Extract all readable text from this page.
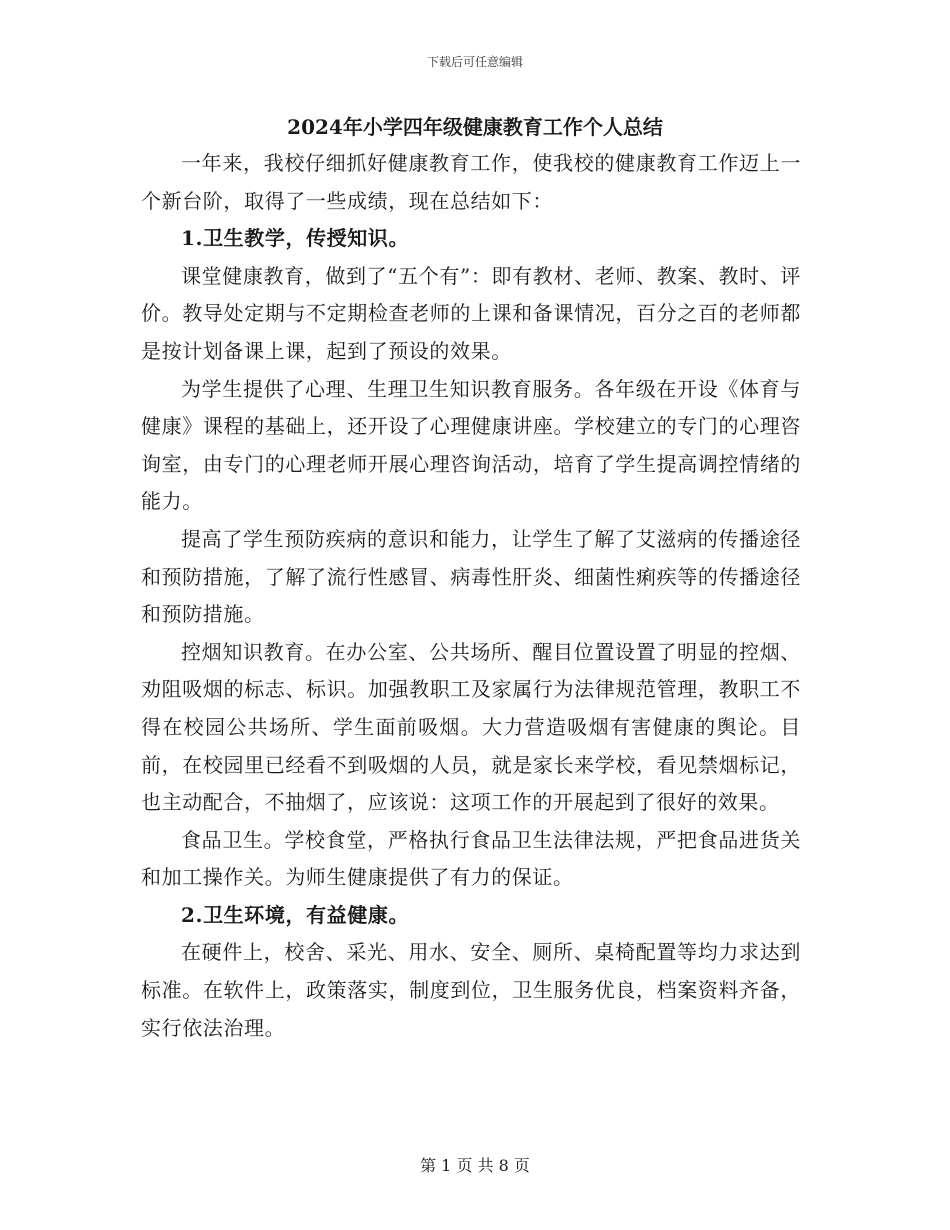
下载后可任意编辑
2024年小学四年级健康教育工作个人总结

一年来，我校仔细抓好健康教育工作，使我校的健康教育工作迈上一个新台阶，取得了一些成绩，现在总结如下：

1.卫生教学，传授知识。

课堂健康教育，做到了“五个有”：即有教材、老师、教案、教时、评价。教导处定期与不定期检查老师的上课和备课情况，百分之百的老师都是按计划备课上课，起到了预设的效果。

为学生提供了心理、生理卫生知识教育服务。各年级在开设《体育与健康》课程的基础上，还开设了心理健康讲座。学校建立的专门的心理咨询室，由专门的心理老师开展心理咨询活动，培育了学生提高调控情绪的能力。

提高了学生预防疾病的意识和能力，让学生了解了艾滋病的传播途径和预防措施，了解了流行性感冒、病毒性肝炎、细菌性痢疾等的传播途径和预防措施。

控烟知识教育。在办公室、公共场所、醒目位置设置了明显的控烟、劝阻吸烟的标志、标识。加强教职工及家属行为法律规范管理，教职工不得在校园公共场所、学生面前吸烟。大力营造吸烟有害健康的舆论。目前，在校园里已经看不到吸烟的人员，就是家长来学校，看见禁烟标记，也主动配合，不抽烟了，应该说：这项工作的开展起到了很好的效果。

食品卫生。学校食堂，严格执行食品卫生法律法规，严把食品进货关和加工操作关。为师生健康提供了有力的保证。

2.卫生环境，有益健康。

在硬件上，校舍、采光、用水、安全、厕所、桌椅配置等均力求达到标准。在软件上，政策落实，制度到位，卫生服务优良，档案资料齐备，实行依法治理。

第 1 页 共 8 页
